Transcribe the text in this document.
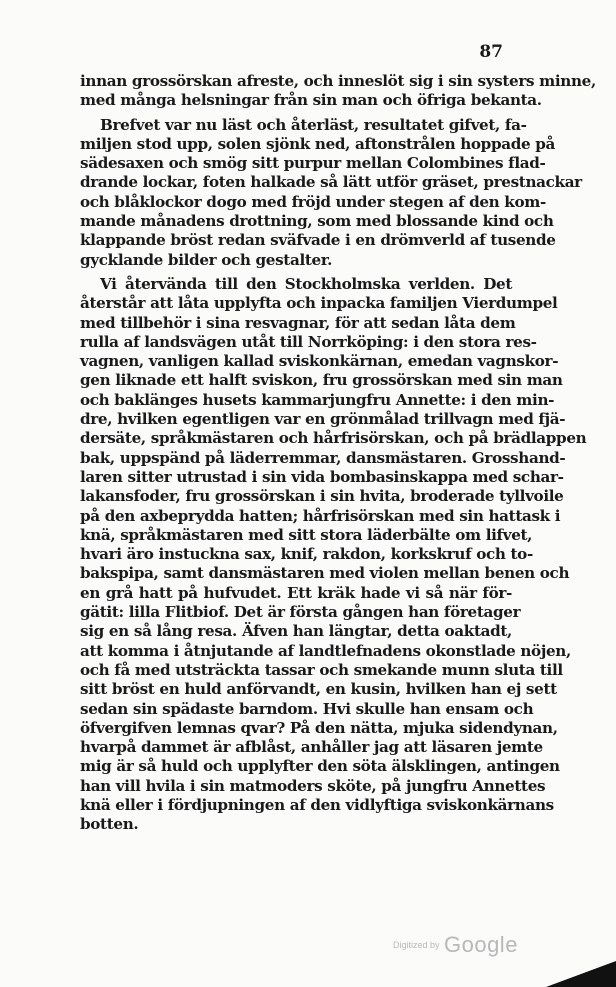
87
innan grossörskan afreste, och inneslöt sig i sin systers minne,
med många helsningar från sin man och öfriga bekanta.
Brefvet var nu läst och återläst, resultatet gifvet, fa-
miljen stod upp, solen sjönk ned, aftonstrålen hoppade på
sädesaxen och smög sitt purpur mellan Colombines flad-
drande lockar, foten halkade så lätt utför gräset, prestnackar
och blåklockor dogo med fröjd under stegen af den kom-
mande månadens drottning, som med blossande kind och
klappande bröst redan sväfvade i en drömverld af tusende
gycklande bilder och gestalter.
Vi återvända till den Stockholmska verlden. Det
återstår att låta upplyfta och inpacka familjen Vierdumpel
med tillbehör i sina resvagnar, för att sedan låta dem
rulla af landsvägen utåt till Norrköping: i den stora res-
vagnen, vanligen kallad sviskonkärnan, emedan vagnskor-
gen liknade ett halft sviskon, fru grossörskan med sin man
och baklänges husets kammarjungfru Annette: i den min-
dre, hvilken egentligen var en grönmålad trillvagn med fjä-
dersäte, språkmästaren och hårfrisörskan, och på brädlappen
bak, uppspänd på läderremmar, dansmästaren. Grosshand-
laren sitter utrustad i sin vida bombasinskappa med schar-
lakansfoder, fru grossörskan i sin hvita, broderade tyllvoile
på den axbeprydda hatten; hårfrisörskan med sin hattask i
knä, språkmästaren med sitt stora läderbälte om lifvet,
hvari äro instuckna sax, knif, rakdon, korkskruf och to-
bakspipa, samt dansmästaren med violen mellan benen och
en grå hatt på hufvudet. Ett kräk hade vi så när för-
gätit: lilla Flitbiof. Det är första gången han företager
sig en så lång resa. Äfven han längtar, detta oaktadt,
att komma i åtnjutande af landtlefnadens okonstlade nöjen,
och få med utsträckta tassar och smekande munn sluta till
sitt bröst en huld anförvandt, en kusin, hvilken han ej sett
sedan sin spädaste barndom. Hvi skulle han ensam och
öfvergifven lemnas qvar? På den nätta, mjuka sidendynan,
hvarpå dammet är afblåst, anhåller jag att läsaren jemte
mig är så huld och upplyfter den söta älsklingen, antingen
han vill hvila i sin matmoders sköte, på jungfru Annettes
knä eller i fördjupningen af den vidlyftiga sviskonkärnans
botten.
Digitized by Google
